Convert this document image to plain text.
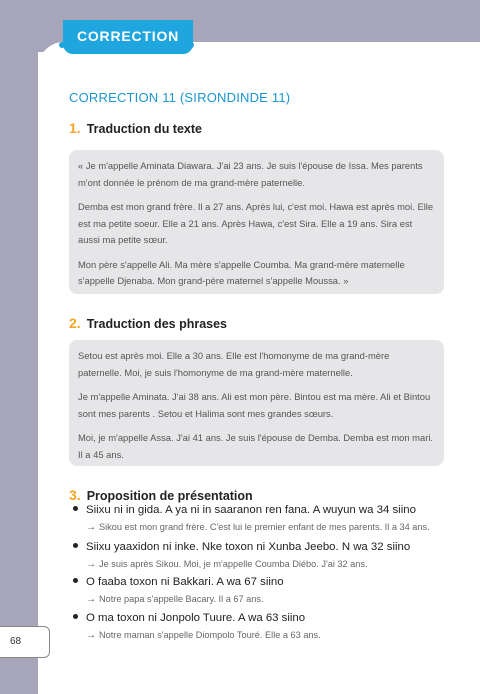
CORRECTION
CORRECTION 11 (SIRONDINDE 11)
1. Traduction du texte

« Je m'appelle Aminata Diawara. J'ai 23 ans. Je suis l'épouse de Issa. Mes parents m'ont donnée le prénom de ma grand-mère paternelle.

Demba est mon grand frère. Il a 27 ans. Après lui, c'est moi. Hawa est après moi. Elle est ma petite soeur. Elle a 21 ans. Après Hawa, c'est Sira. Elle a 19 ans. Sira est aussi ma petite sœur.

Mon père s'appelle Ali. Ma mère s'appelle Coumba. Ma grand-mère maternelle s'appelle Djenaba. Mon grand-père maternel s'appelle Moussa. »

2. Traduction des phrases

Setou est après moi. Elle a 30 ans. Elle est l'homonyme de ma grand-mère paternelle. Moi, je suis l'homonyme de ma grand-mère maternelle.

Je m'appelle Aminata. J'ai 38 ans. Ali est mon père. Bintou est ma mère. Ali et Bintou sont mes parents . Setou et Halima sont mes grandes sœurs.

Moi, je m'appelle Assa. J'ai 41 ans. Je suis l'épouse de Demba. Demba est mon mari. Il a 45 ans.

3. Proposition de présentation
Siixu ni in gida. A ya ni in saaranon ren fana. A wuyun wa 34 siino
→ Sikou est mon grand frère. C'est lui le premier enfant de mes parents. Il a 34 ans.
Siixu yaaxidon ni inke. Nke toxon ni Xunba Jeebo. N wa 32 siino
→ Je suis après Sikou. Moi, je m'appelle Coumba Diébo. J'ai 32 ans.
O faaba toxon ni Bakkari. A wa 67 siino
→ Notre papa s'appelle Bacary. Il a 67 ans.
O ma toxon ni Jonpolo Tuure. A wa 63 siino
→ Notre maman s'appelle Diompolo Touré. Elle a 63 ans.
68
